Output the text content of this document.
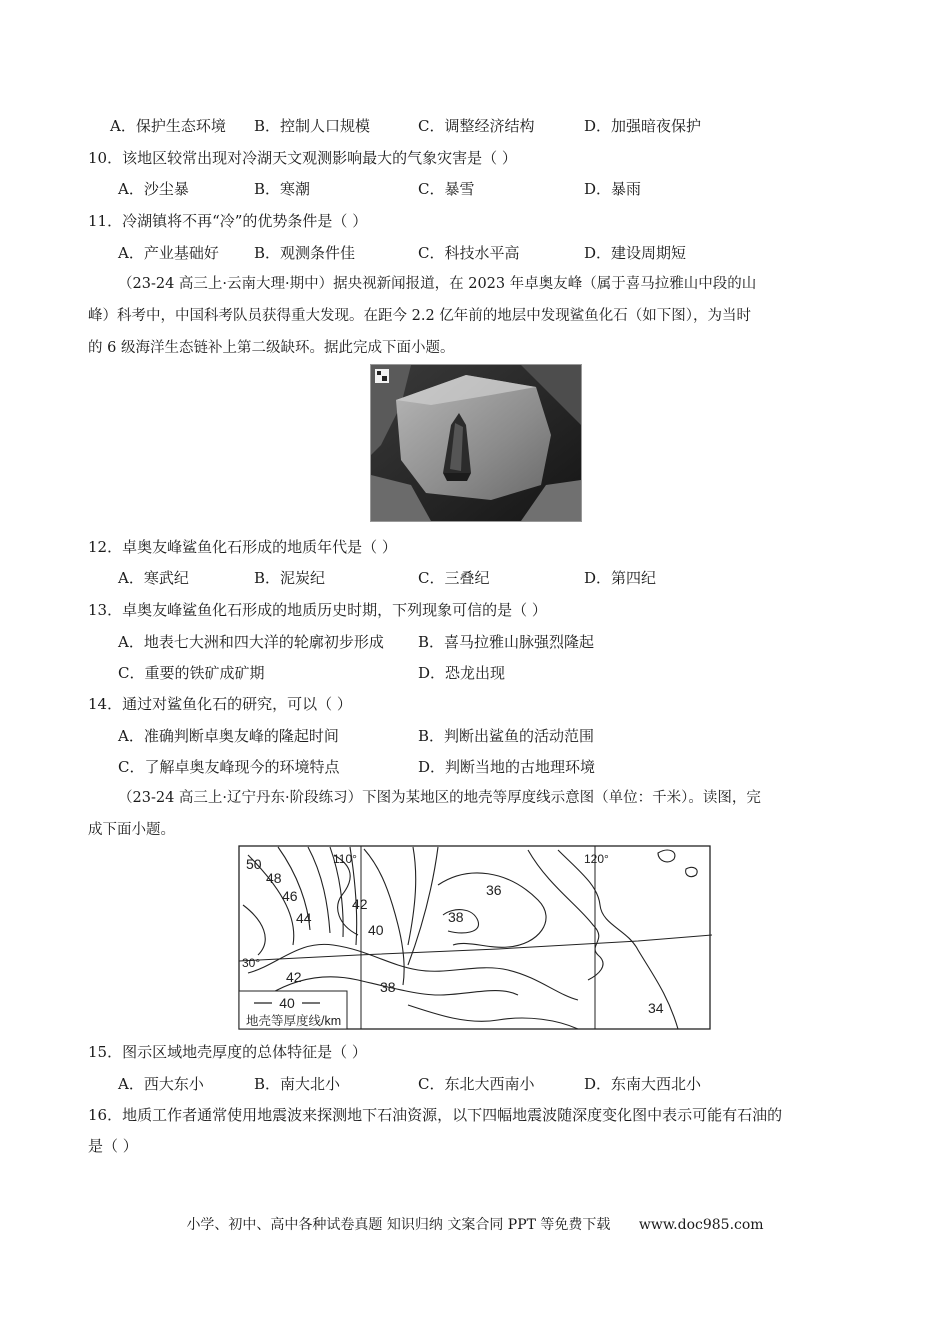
A．保护生态环境 B．控制人口规模	C．调整经济结构	D．加强暗夜保护
10．该地区较常出现对冷湖天文观测影响最大的气象灾害是（ ）
A．沙尘暴	B．寒潮	C．暴雪	D．暴雨
11．冷湖镇将不再“冷”的优势条件是（ ）
A．产业基础好 B．观测条件佳	C．科技水平高	D．建设周期短
（23-24 高三上·云南大理·期中）据央视新闻报道，在 2023 年卓奥友峰（属于喜马拉雅山中段的山
峰）科考中，中国科考队员获得重大发现。在距今 2.2 亿年前的地层中发现鲨鱼化石（如下图），为当时
的 6 级海洋生态链补上第二级缺环。据此完成下面小题。
12．卓奥友峰鲨鱼化石形成的地质年代是（ ）
A．寒武纪	B．泥炭纪	C．三叠纪	D．第四纪
13．卓奥友峰鲨鱼化石形成的地质历史时期，下列现象可信的是（ ）
A．地表七大洲和四大洋的轮廓初步形成 B．喜马拉雅山脉强烈隆起
C．重要的铁矿成矿期	D．恐龙出现
14．通过对鲨鱼化石的研究，可以（ ）
A．准确判断卓奥友峰的隆起时间	B．判断出鲨鱼的活动范围
C．了解卓奥友峰现今的环境特点	D．判断当地的古地理环境
（23-24 高三上·辽宁丹东·阶段练习）下图为某地区的地壳等厚度线示意图（单位：千米）。读图，完
成下面小题。
40
地壳等厚度线/km
50
48
46
44
42
40
38
36
42
38
34
110°	120°
30°
15．图示区域地壳厚度的总体特征是（ ）
A．西大东小	B．南大北小	C．东北大西南小	D．东南大西北小
16．地质工作者通常使用地震波来探测地下石油资源，以下四幅地震波随深度变化图中表示可能有石油的
是（ ）
小学、初中、高中各种试卷真题 知识归纳 文案合同 PPT 等免费下载 www.doc985.com
